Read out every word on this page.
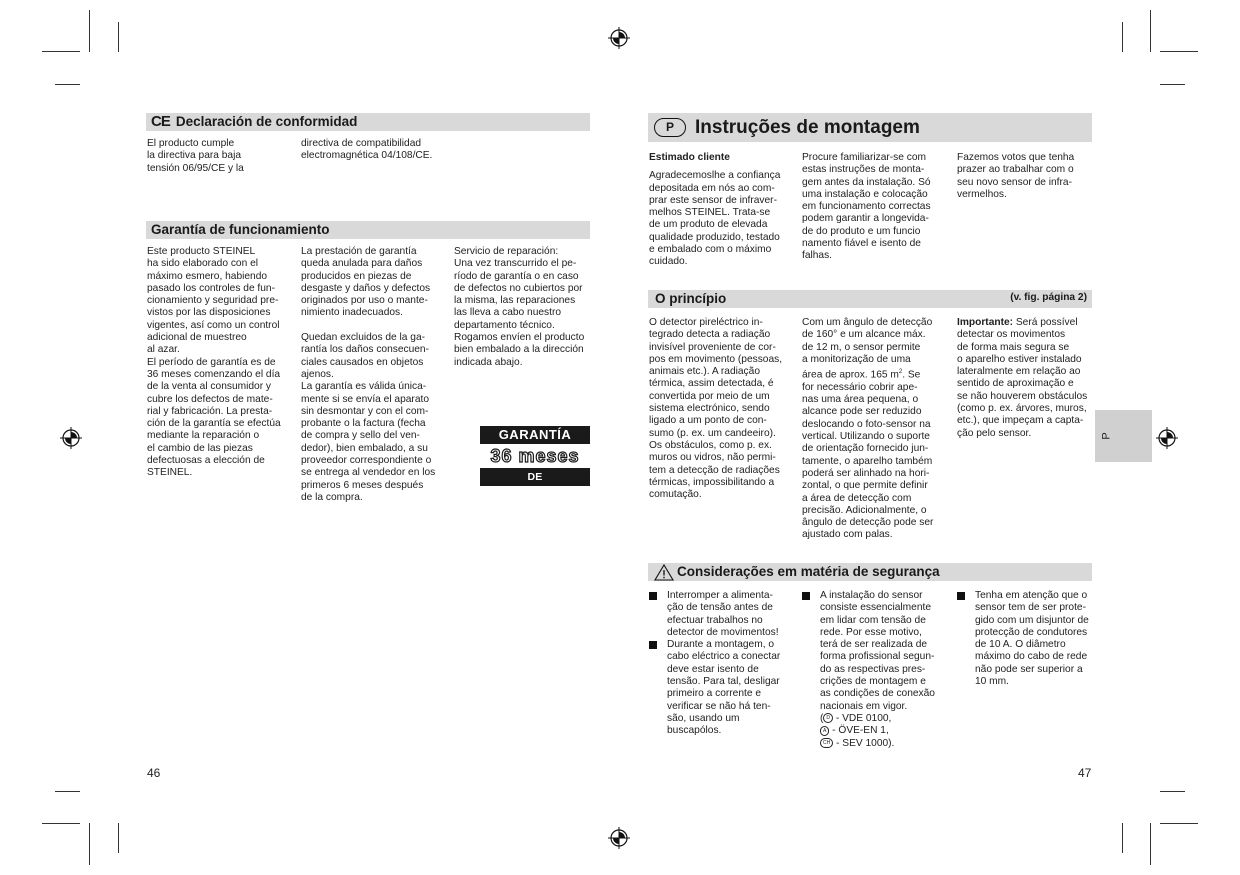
CE Declaración de conformidad
El producto cumple
la directiva para baja
tensión 06/95/CE y la
directiva de compatibilidad
electromagnética 04/108/CE.
Garantía de funcionamiento
Este producto STEINEL
ha sido elaborado con el
máximo esmero, habiendo
pasado los controles de fun-
cionamiento y seguridad pre-
vistos por las disposiciones
vigentes, así como un control
adicional de muestreo
al azar.
El período de garantía es de
36 meses comenzando el día
de la venta al consumidor y
cubre los defectos de mate-
rial y fabricación. La presta-
ción de la garantía se efectúa
mediante la reparación o
el cambio de las piezas
defectuosas a elección de
STEINEL.
La prestación de garantía
queda anulada para daños
producidos en piezas de
desgaste y daños y defectos
originados por uso o mante-
nimiento inadecuados.

Quedan excluidos de la ga-
rantía los daños consecuen-
ciales causados en objetos
ajenos.
La garantía es válida única-
mente si se envía el aparato
sin desmontar y con el com-
probante o la factura (fecha
de compra y sello del ven-
dedor), bien embalado, a su
proveedor correspondiente o
se entrega al vendedor en los
primeros 6 meses después
de la compra.
Servicio de reparación:
Una vez transcurrido el pe-
ríodo de garantía o en caso
de defectos no cubiertos por
la misma, las reparaciones
las lleva a cabo nuestro
departamento técnico.
Rogamos envíen el producto
bien embalado a la dirección
indicada abajo.
GARANTÍA
36 meses
DE FUNCIONAMIENTO
46
P	Instruções de montagem
Estimado cliente
Agradecemoslhe a confiança
depositada em nós ao com-
prar este sensor de infraver-
melhos STEINEL. Trata-se
de um produto de elevada
qualidade produzido, testado
e embalado com o máximo
cuidado.
Procure familiarizar-se com
estas instruções de monta-
gem antes da instalação. Só
uma instalação e colocação
em funcionamento correctas
podem garantir a longevida-
de do produto e um funcio
namento fiável e isento de
falhas.
Fazemos votos que tenha
prazer ao trabalhar com o
seu novo sensor de infra-
vermelhos.
O princípio	(v. fig. página 2)
O detector pireléctrico in-
tegrado detecta a radiação
invisível proveniente de cor-
pos em movimento (pessoas,
animais etc.). A radiação
térmica, assim detectada, é
convertida por meio de um
sistema electrónico, sendo
ligado a um ponto de con-
sumo (p. ex. um candeeiro).
Os obstáculos, como p. ex.
muros ou vidros, não permi-
tem a detecção de radiações
térmicas, impossibilitando a
comutação.
Com um ângulo de detecção
de 160° e um alcance máx.
de 12 m, o sensor permite
a monitorização de uma
área de aprox. 165 $m^2$. Se
for necessário cobrir ape-
nas uma área pequena, o
alcance pode ser reduzido
deslocando o foto-sensor na
vertical. Utilizando o suporte
de orientação fornecido jun-
tamente, o aparelho também
poderá ser alinhado na hori-
zontal, o que permite definir
a área de detecção com
precisão. Adicionalmente, o
ângulo de detecção pode ser
ajustado com palas.
Importante: Será possível
detectar os movimentos
de forma mais segura se
o aparelho estiver instalado
lateralmente em relação ao
sentido de aproximação e
se não houverem obstáculos
(como p. ex. árvores, muros,
etc.), que impeçam a capta-
ção pelo sensor.	P
Considerações em matéria de segurança
Interromper a alimenta-
ção de tensão antes de
efectuar trabalhos no
detector de movimentos!
Durante a montagem, o
cabo eléctrico a conectar
deve estar isento de
tensão. Para tal, desligar
primeiro a corrente e
verificar se não há ten-
são, usando um
buscapólos.
A instalação do sensor
consiste essencialmente
em lidar com tensão de
rede. Por esse motivo,
terá de ser realizada de
forma profissional segun-
do as respectivas pres-
crições de montagem e
as condições de conexão
nacionais em vigor.
( D - VDE 0100,
A - ÖVE-EN 1,
CH - SEV 1000).
Tenha em atenção que o
sensor tem de ser prote-
gido com um disjuntor de
protecção de condutores
de 10 A. O diâmetro
máximo do cabo de rede
não pode ser superior a
10 mm.
47
